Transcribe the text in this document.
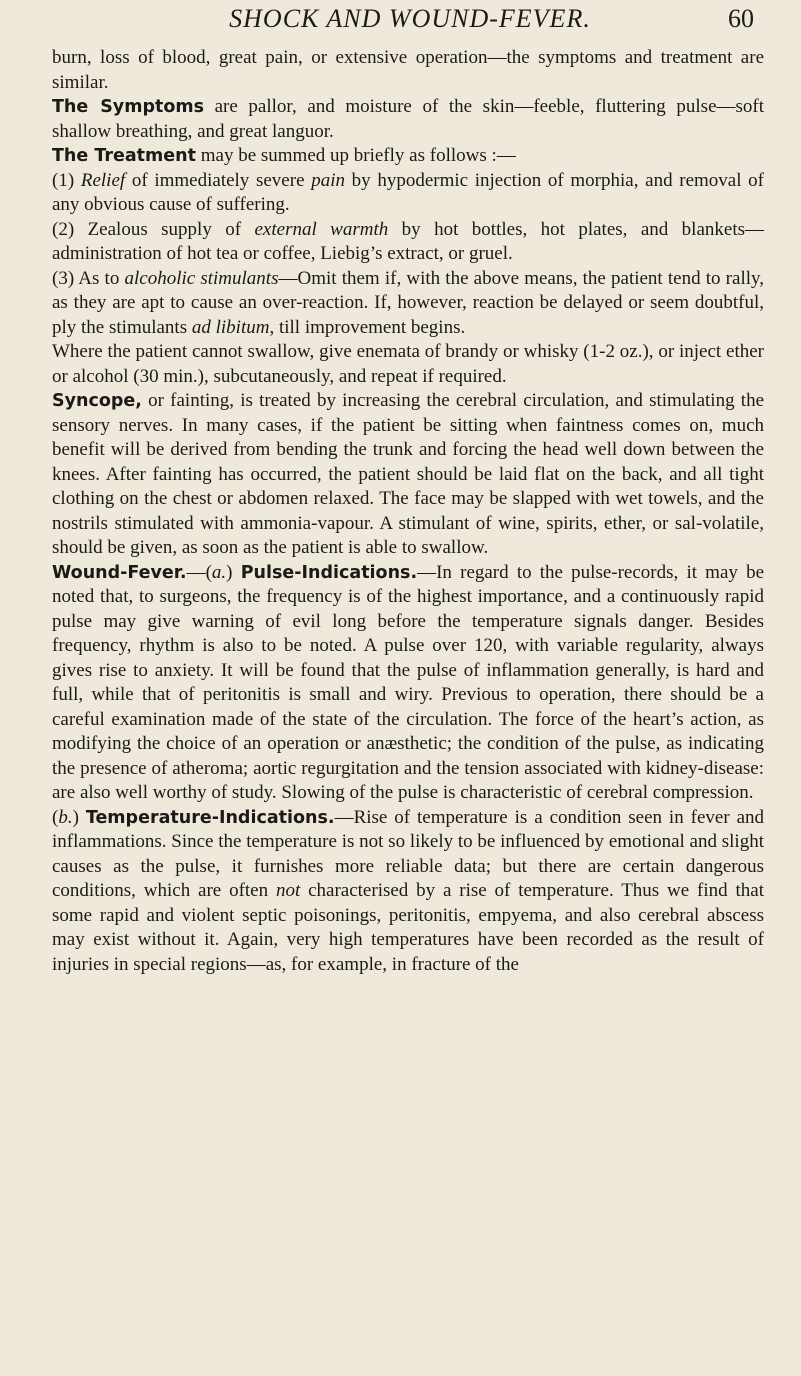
SHOCK AND WOUND-FEVER.	60

burn, loss of blood, great pain, or extensive operation—the symptoms and treatment are similar.

The Symptoms are pallor, and moisture of the skin—feeble, fluttering pulse—soft shallow breathing, and great languor.

The Treatment may be summed up briefly as follows :—

(1) Relief of immediately severe pain by hypodermic injection of morphia, and removal of any obvious cause of suffering.

(2) Zealous supply of external warmth by hot bottles, hot plates, and blankets—administration of hot tea or coffee, Liebig’s extract, or gruel.

(3) As to alcoholic stimulants—Omit them if, with the above means, the patient tend to rally, as they are apt to cause an over-reaction. If, however, reaction be delayed or seem doubtful, ply the stimulants ad libitum, till improvement begins.

Where the patient cannot swallow, give enemata of brandy or whisky (1-2 oz.), or inject ether or alcohol (30 min.), subcutaneously, and repeat if required.

Syncope, or fainting, is treated by increasing the cerebral circulation, and stimulating the sensory nerves. In many cases, if the patient be sitting when faintness comes on, much benefit will be derived from bending the trunk and forcing the head well down between the knees. After fainting has occurred, the patient should be laid flat on the back, and all tight clothing on the chest or abdomen relaxed. The face may be slapped with wet towels, and the nostrils stimulated with ammonia-vapour. A stimulant of wine, spirits, ether, or sal-volatile, should be given, as soon as the patient is able to swallow.

Wound-Fever.—(a.) Pulse-Indications.—In regard to the pulse-records, it may be noted that, to surgeons, the frequency is of the highest importance, and a continuously rapid pulse may give warning of evil long before the temperature signals danger. Besides frequency, rhythm is also to be noted. A pulse over 120, with variable regularity, always gives rise to anxiety. It will be found that the pulse of inflammation generally, is hard and full, while that of peritonitis is small and wiry. Previous to operation, there should be a careful examination made of the state of the circulation. The force of the heart’s action, as modifying the choice of an operation or anæsthetic; the condition of the pulse, as indicating the presence of atheroma; aortic regurgitation and the tension associated with kidney-disease: are also well worthy of study. Slowing of the pulse is characteristic of cerebral compression.

(b.) Temperature-Indications.—Rise of temperature is a condition seen in fever and inflammations. Since the temperature is not so likely to be influenced by emotional and slight causes as the pulse, it furnishes more reliable data; but there are certain dangerous conditions, which are often not characterised by a rise of temperature. Thus we find that some rapid and violent septic poisonings, peritonitis, empyema, and also cerebral abscess may exist without it. Again, very high temperatures have been recorded as the result of injuries in special regions—as, for example, in fracture of the
